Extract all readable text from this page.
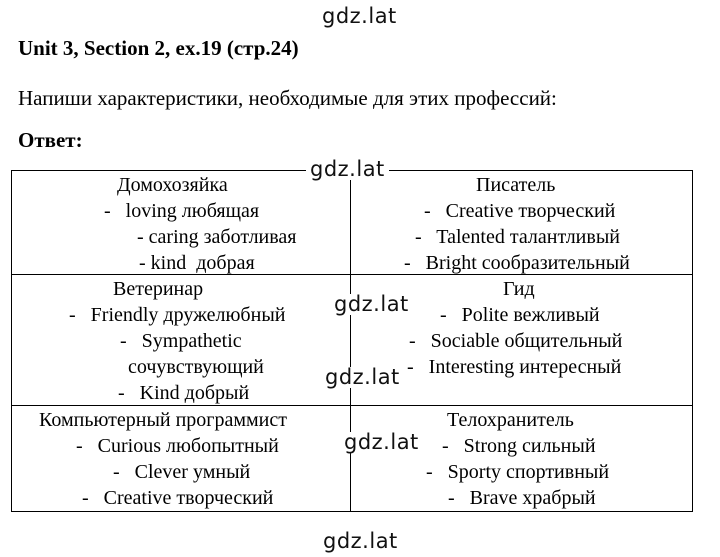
gdz.lat
Unit 3, Section 2, ex.19 (стр.24)
Напиши характеристики, необходимые для этих профессий:
Ответ:
Домохозяйка
-   loving любящая
- caring заботливая
- kind  добрая
Писатель
-   Creative творческий
-   Talented талантливый
-   Bright сообразительный
Ветеринар
-   Friendly дружелюбный
-   Sympathetic
сочувствующий
-   Kind добрый
Гид
-   Polite вежливый
-   Sociable общительный
-   Interesting интересный
Компьютерный программист
-   Curious любопытный
-   Clever умный
-   Creative творческий
Телохранитель
-   Strong сильный
-   Sporty спортивный
-   Brave храбрый
gdz.lat
gdz.lat
gdz.lat
gdz.lat
gdz.lat
